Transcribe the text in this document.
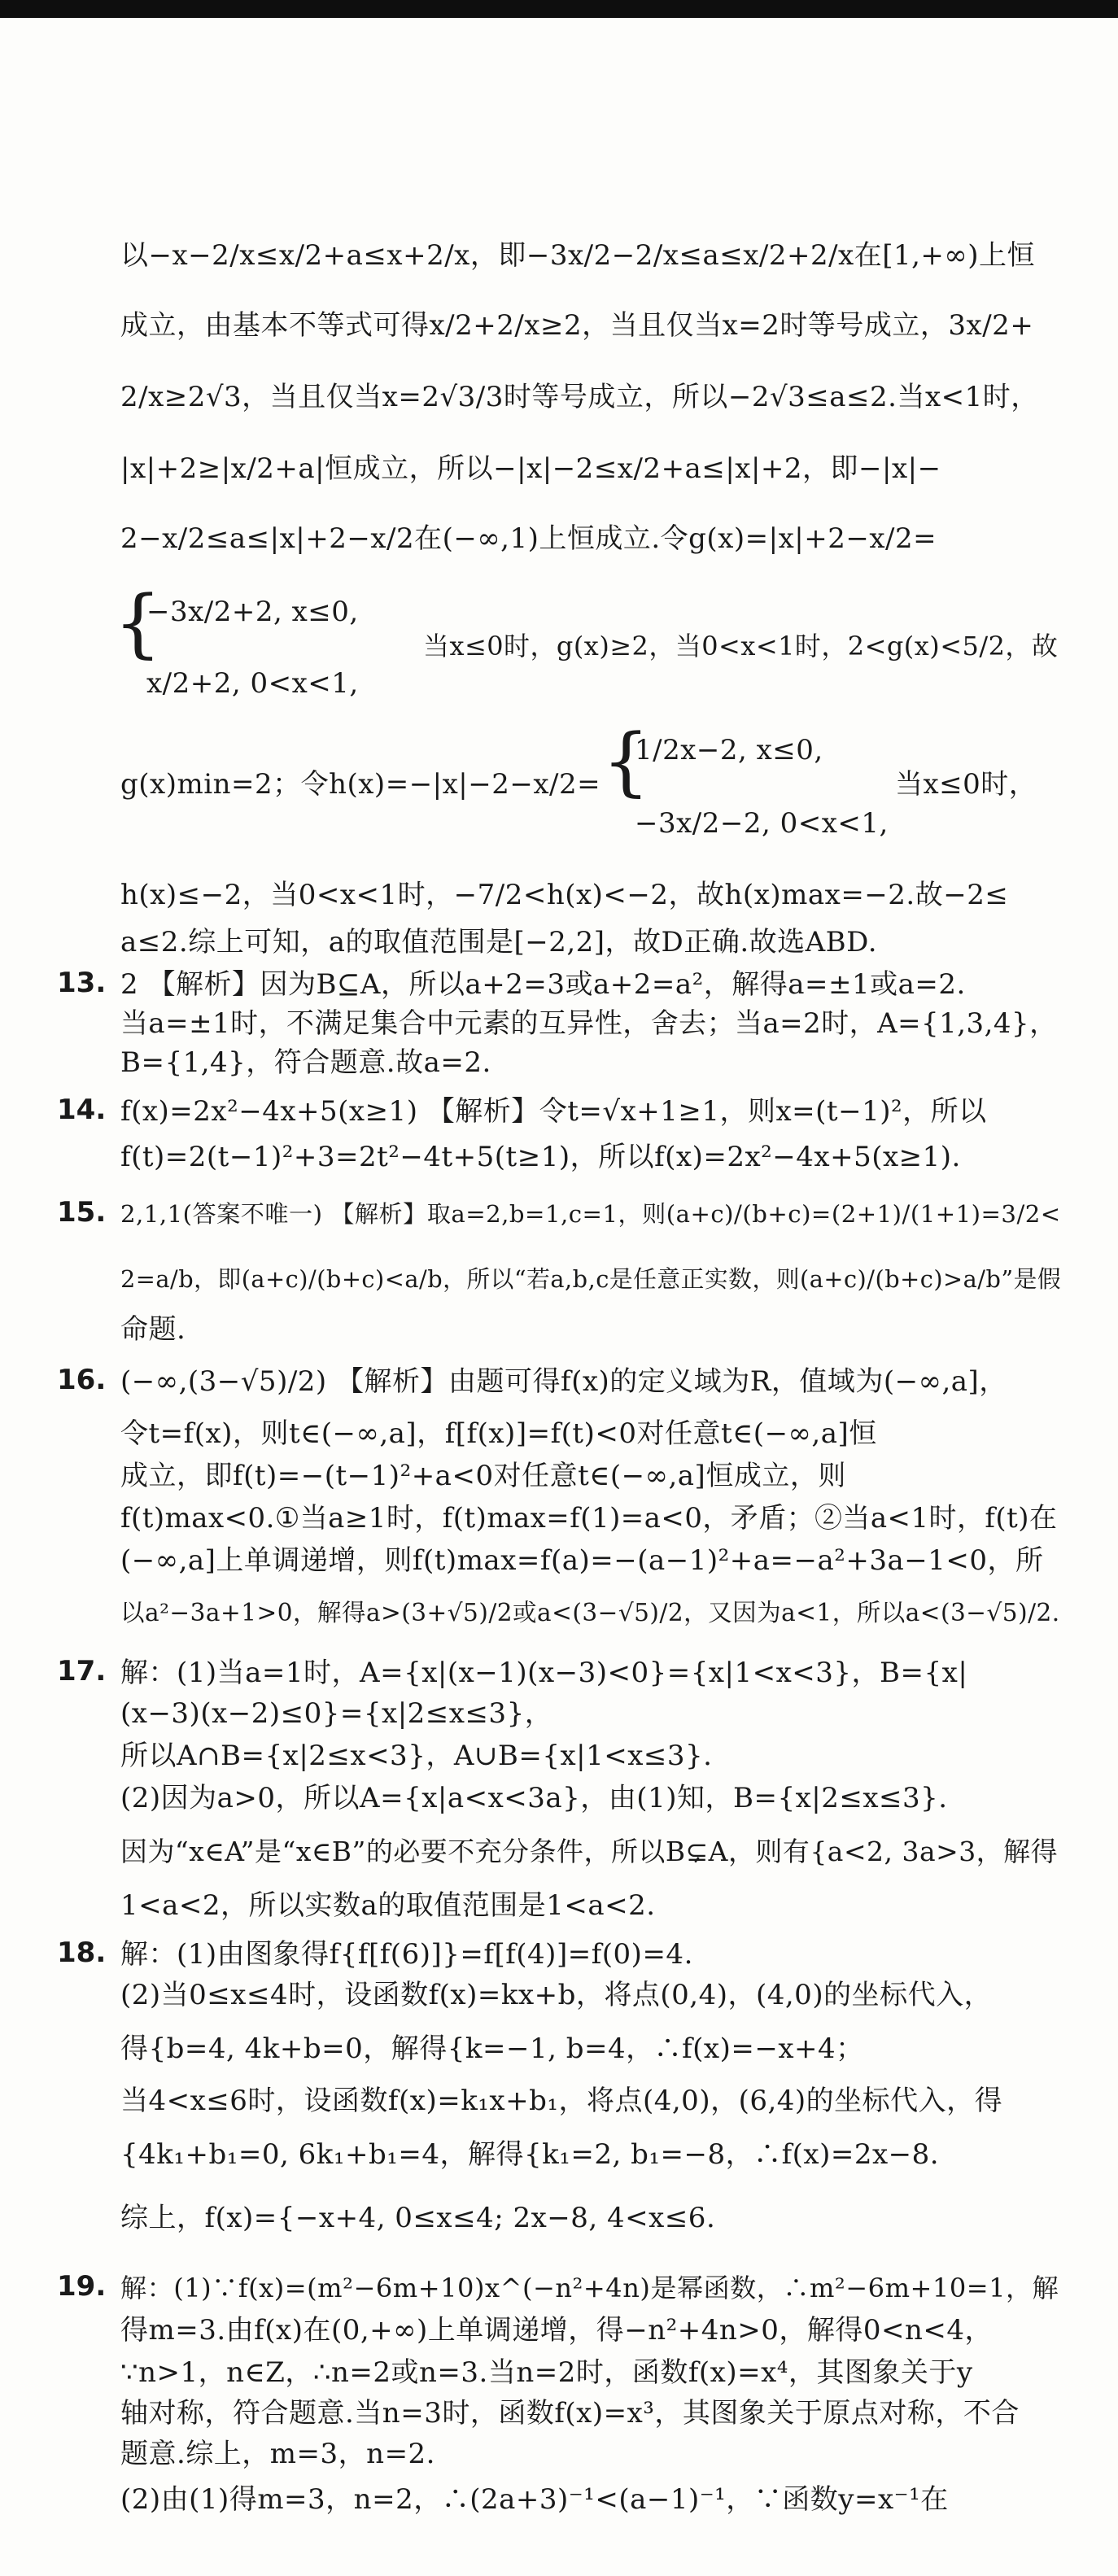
以−x−2/x≤x/2+a≤x+2/x，即−3x/2−2/x≤a≤x/2+2/x在[1,+∞)上恒
成立，由基本不等式可得x/2+2/x≥2，当且仅当x=2时等号成立，3x/2+
2/x≥2√3，当且仅当x=2√3/3时等号成立，所以−2√3≤a≤2.当x<1时，
|x|+2≥|x/2+a|恒成立，所以−|x|−2≤x/2+a≤|x|+2，即−|x|−
2−x/2≤a≤|x|+2−x/2在(−∞,1)上恒成立.令g(x)=|x|+2−x/2=
{
−3x/2+2, x≤0,
当x≤0时，g(x)≥2，当0<x<1时，2<g(x)<5/2，故
x/2+2, 0<x<1,
{
1/2x−2, x≤0,
g(x)min=2；令h(x)=−|x|−2−x/2=	当x≤0时，
−3x/2−2, 0<x<1,
h(x)≤−2，当0<x<1时，−7/2<h(x)<−2，故h(x)max=−2.故−2≤
a≤2.综上可知，a的取值范围是[−2,2]，故D正确.故选ABD.
13. 2 【解析】因为B⊆A，所以a+2=3或a+2=a²，解得a=±1或a=2.
当a=±1时，不满足集合中元素的互异性，舍去；当a=2时，A={1,3,4}，
B={1,4}，符合题意.故a=2.
14. f(x)=2x²−4x+5(x≥1) 【解析】令t=√x+1≥1，则x=(t−1)²，所以
f(t)=2(t−1)²+3=2t²−4t+5(t≥1)，所以f(x)=2x²−4x+5(x≥1).
15. 2,1,1(答案不唯一) 【解析】取a=2,b=1,c=1，则(a+c)/(b+c)=(2+1)/(1+1)=3/2<
2=a/b，即(a+c)/(b+c)<a/b，所以“若a,b,c是任意正实数，则(a+c)/(b+c)>a/b”是假
命题.
16. (−∞,(3−√5)/2) 【解析】由题可得f(x)的定义域为R，值域为(−∞,a]，
令t=f(x)，则t∈(−∞,a]，f[f(x)]=f(t)<0对任意t∈(−∞,a]恒
成立，即f(t)=−(t−1)²+a<0对任意t∈(−∞,a]恒成立，则
f(t)max<0.①当a≥1时，f(t)max=f(1)=a<0，矛盾；②当a<1时，f(t)在
(−∞,a]上单调递增，则f(t)max=f(a)=−(a−1)²+a=−a²+3a−1<0，所
以a²−3a+1>0，解得a>(3+√5)/2或a<(3−√5)/2，又因为a<1，所以a<(3−√5)/2.
17. 解：(1)当a=1时，A={x|(x−1)(x−3)<0}={x|1<x<3}，B={x|
(x−3)(x−2)≤0}={x|2≤x≤3}，
所以A∩B={x|2≤x<3}，A∪B={x|1<x≤3}.
(2)因为a>0，所以A={x|a<x<3a}，由(1)知，B={x|2≤x≤3}.
因为“x∈A”是“x∈B”的必要不充分条件，所以B⊊A，则有{a<2, 3a>3，解得
1<a<2，所以实数a的取值范围是1<a<2.
18. 解：(1)由图象得f{f[f(6)]}=f[f(4)]=f(0)=4.
(2)当0≤x≤4时，设函数f(x)=kx+b，将点(0,4)，(4,0)的坐标代入，
得{b=4, 4k+b=0，解得{k=−1, b=4，∴f(x)=−x+4；
当4<x≤6时，设函数f(x)=k₁x+b₁，将点(4,0)，(6,4)的坐标代入，得
{4k₁+b₁=0, 6k₁+b₁=4，解得{k₁=2, b₁=−8，∴f(x)=2x−8.
综上，f(x)={−x+4, 0≤x≤4; 2x−8, 4<x≤6.
19. 解：(1)∵f(x)=(m²−6m+10)x^(−n²+4n)是幂函数，∴m²−6m+10=1，解
得m=3.由f(x)在(0,+∞)上单调递增，得−n²+4n>0，解得0<n<4，
∵n>1，n∈Z，∴n=2或n=3.当n=2时，函数f(x)=x⁴，其图象关于y
轴对称，符合题意.当n=3时，函数f(x)=x³，其图象关于原点对称，不合
题意.综上，m=3，n=2.
(2)由(1)得m=3，n=2，∴(2a+3)⁻¹<(a−1)⁻¹，∵函数y=x⁻¹在
